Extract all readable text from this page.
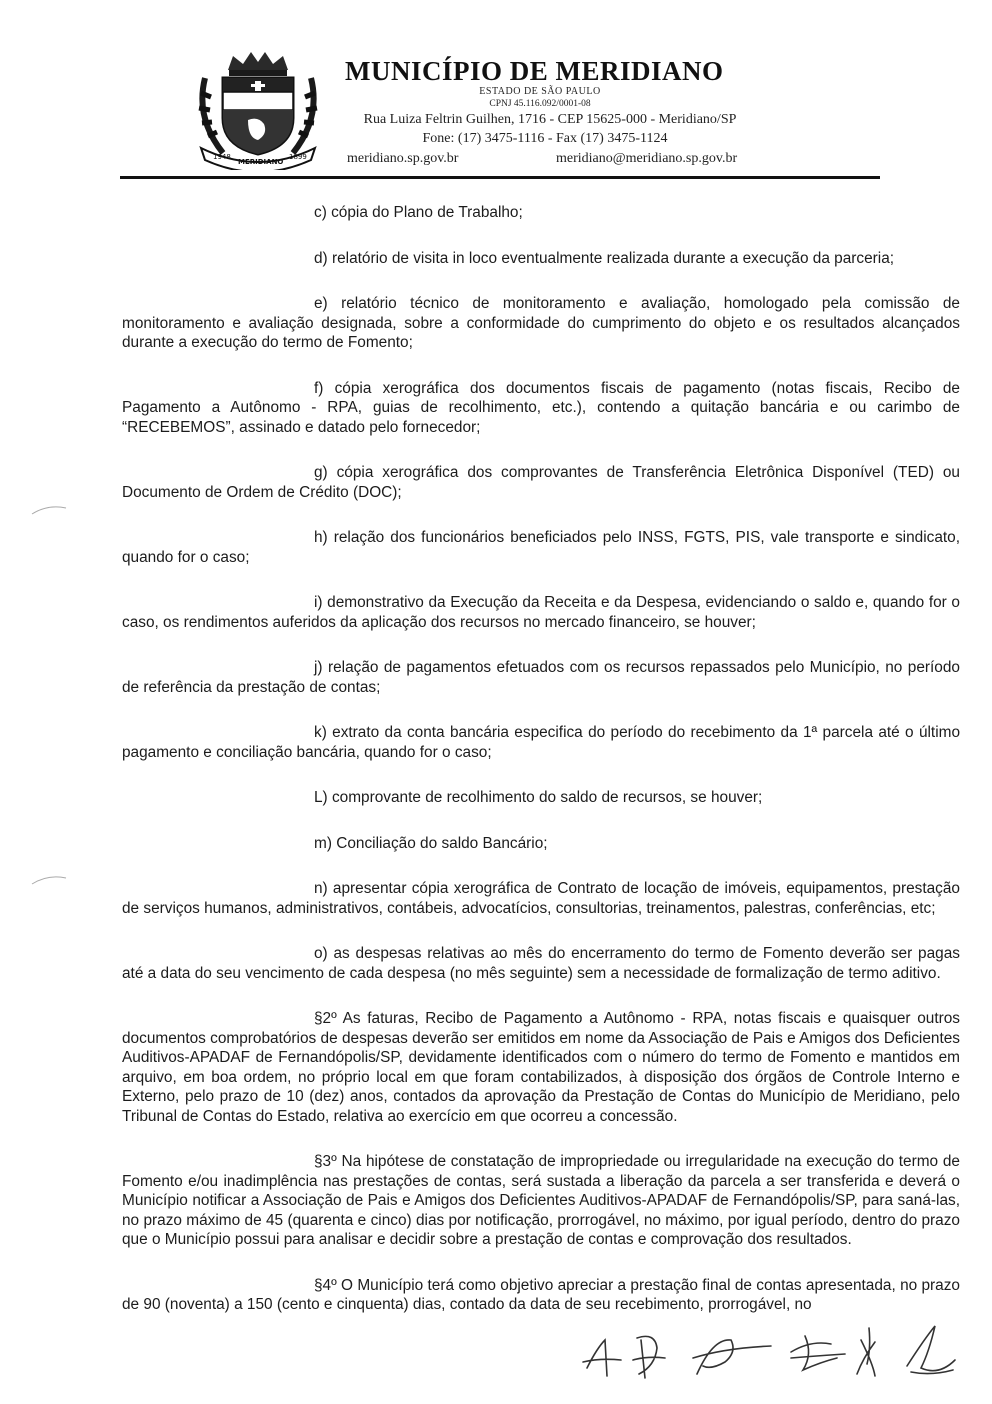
1948
MERIDIANO
1899
MUNICÍPIO DE MERIDIANO
ESTADO DE SÃO PAULO
CPNJ 45.116.092/0001-08
Rua Luiza Feltrin Guilhen, 1716 - CEP 15625-000 - Meridiano/SP
Fone: (17) 3475-1116 - Fax (17) 3475-1124
meridiano.sp.gov.br	meridiano@meridiano.sp.gov.br

c) cópia do Plano de Trabalho;

d) relatório de visita in loco eventualmente realizada durante a execução da parceria;

e) relatório técnico de monitoramento e avaliação, homologado pela comissão de monitoramento e avaliação designada, sobre a conformidade do cumprimento do objeto e os resultados alcançados durante a execução do termo de Fomento;

f) cópia xerográfica dos documentos fiscais de pagamento (notas fiscais, Recibo de Pagamento a Autônomo - RPA, guias de recolhimento, etc.), contendo a quitação bancária e ou carimbo de “RECEBEMOS”, assinado e datado pelo fornecedor;

g) cópia xerográfica dos comprovantes de Transferência Eletrônica Disponível (TED) ou Documento de Ordem de Crédito (DOC);

h) relação dos funcionários beneficiados pelo INSS, FGTS, PIS, vale transporte e sindicato, quando for o caso;

i) demonstrativo da Execução da Receita e da Despesa, evidenciando o saldo e, quando for o caso, os rendimentos auferidos da aplicação dos recursos no mercado financeiro, se houver;

j) relação de pagamentos efetuados com os recursos repassados pelo Município, no período de referência da prestação de contas;

k) extrato da conta bancária especifica do período do recebimento da 1ª parcela até o último pagamento e conciliação bancária, quando for o caso;

L) comprovante de recolhimento do saldo de recursos, se houver;

m) Conciliação do saldo Bancário;

n) apresentar cópia xerográfica de Contrato de locação de imóveis, equipamentos, prestação de serviços humanos, administrativos, contábeis, advocatícios, consultorias, treinamentos, palestras, conferências, etc;

o) as despesas relativas ao mês do encerramento do termo de Fomento deverão ser pagas até a data do seu vencimento de cada despesa (no mês seguinte) sem a necessidade de formalização de termo aditivo.

§2º As faturas, Recibo de Pagamento a Autônomo - RPA, notas fiscais e quaisquer outros documentos comprobatórios de despesas deverão ser emitidos em nome da Associação de Pais e Amigos dos Deficientes Auditivos-APADAF de Fernandópolis/SP, devidamente identificados com o número do termo de Fomento e mantidos em arquivo, em boa ordem, no próprio local em que foram contabilizados, à disposição dos órgãos de Controle Interno e Externo, pelo prazo de 10 (dez) anos, contados da aprovação da Prestação de Contas do Município de Meridiano, pelo Tribunal de Contas do Estado, relativa ao exercício em que ocorreu a concessão.

§3º Na hipótese de constatação de impropriedade ou irregularidade na execução do termo de Fomento e/ou inadimplência nas prestações de contas, será sustada a liberação da parcela a ser transferida e deverá o Município notificar a Associação de Pais e Amigos dos Deficientes Auditivos-APADAF de Fernandópolis/SP, para saná-las, no prazo máximo de 45 (quarenta e cinco) dias por notificação, prorrogável, no máximo, por igual período, dentro do prazo que o Município possui para analisar e decidir sobre a prestação de contas e comprovação dos resultados.

§4º O Município terá como objetivo apreciar a prestação final de contas apresentada, no prazo de 90 (noventa) a 150 (cento e cinquenta) dias, contado da data de seu recebimento, prorrogável, no
